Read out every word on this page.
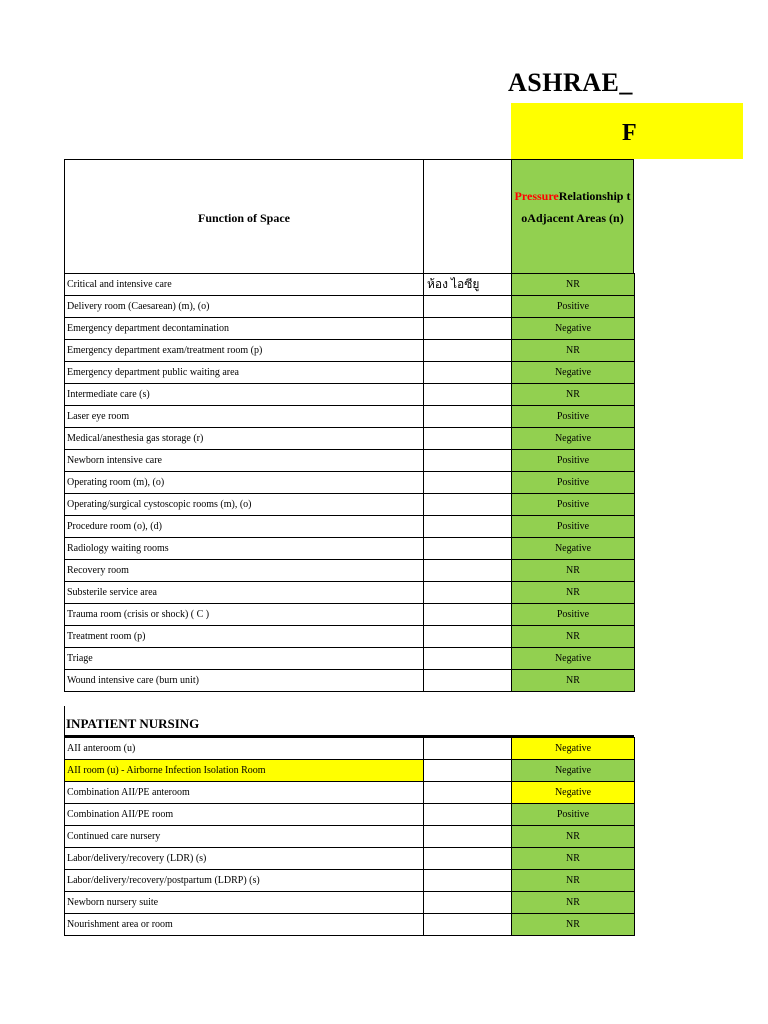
ASHRAE_
F
Function of Space
PressureRelationship toAdjacent Areas (n)
Critical and intensive care	ห้อง ไอซียู	NR
Delivery room (Caesarean) (m), (o)		Positive
Emergency department decontamination		Negative
Emergency department exam/treatment room (p)		NR
Emergency department public waiting area		Negative
Intermediate care (s)		NR
Laser eye room		Positive
Medical/anesthesia gas storage (r)		Negative
Newborn intensive care		Positive
Operating room (m), (o)		Positive
Operating/surgical cystoscopic rooms (m), (o)		Positive
Procedure room (o), (d)		Positive
Radiology waiting rooms		Negative
Recovery room		NR
Substerile service area		NR
Trauma room (crisis or shock) ( C )		Positive
Treatment room (p)		NR
Triage		Negative
Wound intensive care (burn unit)		NR
INPATIENT NURSING
AII anteroom (u)		Negative
AII room (u) - Airborne Infection Isolation Room		Negative
Combination AII/PE anteroom		Negative
Combination AII/PE room		Positive
Continued care nursery		NR
Labor/delivery/recovery (LDR) (s)		NR
Labor/delivery/recovery/postpartum (LDRP) (s)		NR
Newborn nursery suite		NR
Nourishment area or room		NR
